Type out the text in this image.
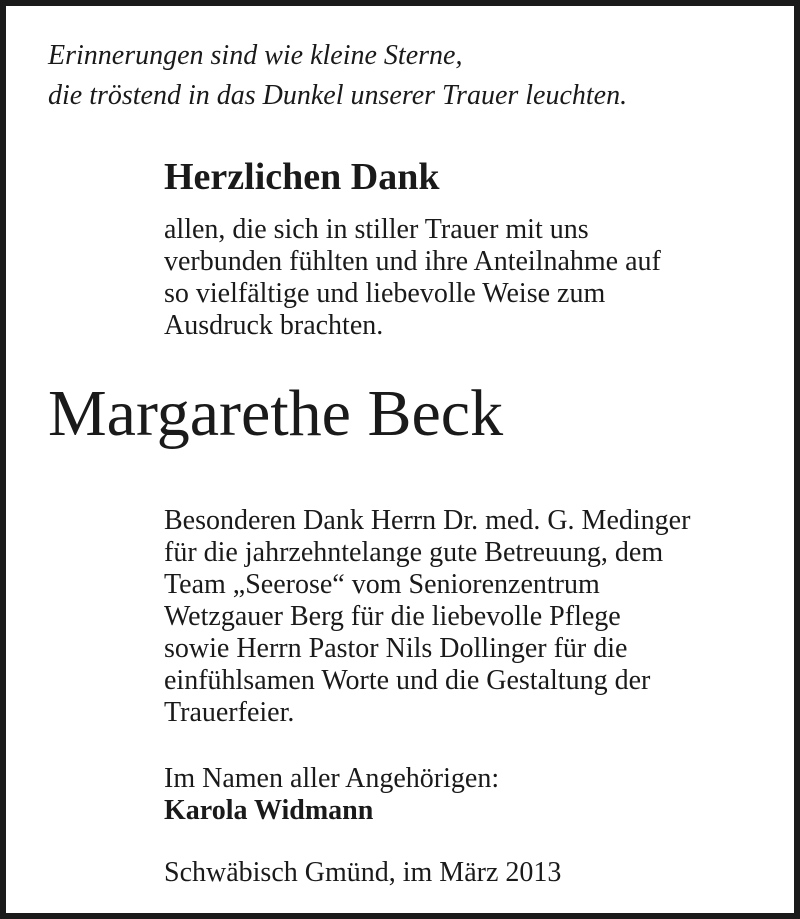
Erinnerungen sind wie kleine Sterne,
die tröstend in das Dunkel unserer Trauer leuchten.

Herzlichen Dank

allen, die sich in stiller Trauer mit uns
verbunden fühlten und ihre Anteilnahme auf
so vielfältige und liebevolle Weise zum
Ausdruck brachten.

Margarethe Beck

Besonderen Dank Herrn Dr. med. G. Medinger
für die jahrzehntelange gute Betreuung, dem
Team „Seerose“ vom Seniorenzentrum
Wetzgauer Berg für die liebevolle Pflege
sowie Herrn Pastor Nils Dollinger für die
einfühlsamen Worte und die Gestaltung der
Trauerfeier.

Im Namen aller Angehörigen:
Karola Widmann

Schwäbisch Gmünd, im März 2013
